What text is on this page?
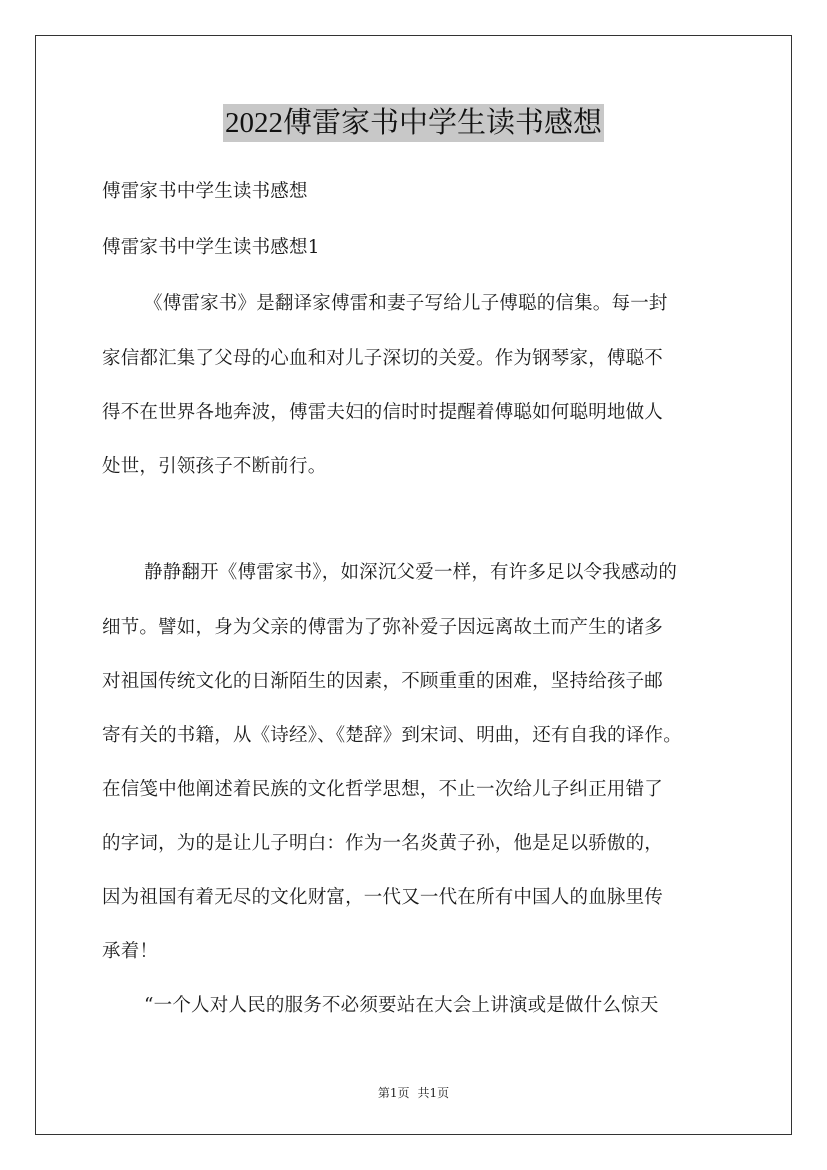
2022傅雷家书中学生读书感想
傅雷家书中学生读书感想
傅雷家书中学生读书感想1
《傅雷家书》是翻译家傅雷和妻子写给儿子傅聪的信集。每一封
家信都汇集了父母的心血和对儿子深切的关爱。作为钢琴家，傅聪不
得不在世界各地奔波，傅雷夫妇的信时时提醒着傅聪如何聪明地做人
处世，引领孩子不断前行。
静静翻开《傅雷家书》，如深沉父爱一样，有许多足以令我感动的
细节。譬如，身为父亲的傅雷为了弥补爱子因远离故土而产生的诸多
对祖国传统文化的日渐陌生的因素，不顾重重的困难，坚持给孩子邮
寄有关的书籍，从《诗经》、《楚辞》到宋词、明曲，还有自我的译作。
在信笺中他阐述着民族的文化哲学思想，不止一次给儿子纠正用错了
的字词，为的是让儿子明白：作为一名炎黄子孙，他是足以骄傲的，
因为祖国有着无尽的文化财富，一代又一代在所有中国人的血脉里传
承着！
“一个人对人民的服务不必须要站在大会上讲演或是做什么惊天
第1页 共1页
